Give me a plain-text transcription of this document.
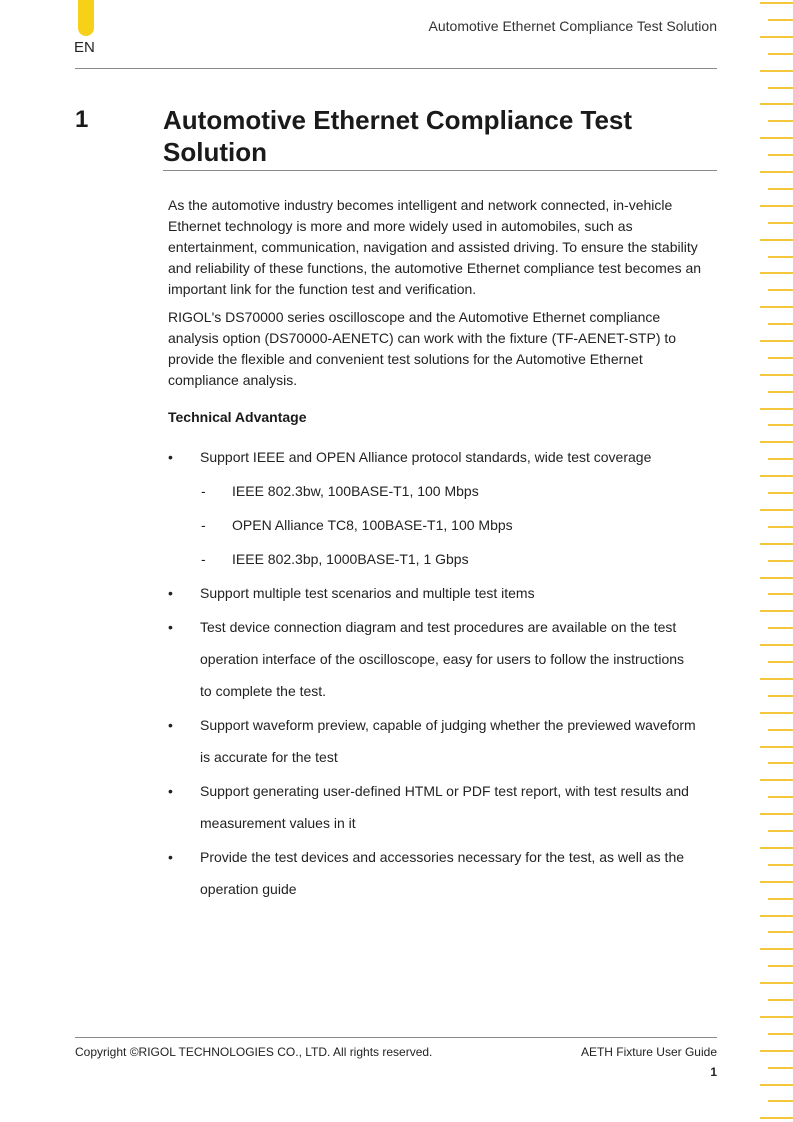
EN
Automotive Ethernet Compliance Test Solution
1	Automotive Ethernet Compliance Test Solution

As the automotive industry becomes intelligent and network connected, in-vehicle Ethernet technology is more and more widely used in automobiles, such as entertainment, communication, navigation and assisted driving. To ensure the stability and reliability of these functions, the automotive Ethernet compliance test becomes an important link for the function test and verification.

RIGOL's DS70000 series oscilloscope and the Automotive Ethernet compliance analysis option (DS70000-AENETC) can work with the fixture (TF-AENET-STP) to provide the flexible and convenient test solutions for the Automotive Ethernet compliance analysis.

Technical Advantage
• Support IEEE and OPEN Alliance protocol standards, wide test coverage
- IEEE 802.3bw, 100BASE-T1, 100 Mbps
- OPEN Alliance TC8, 100BASE-T1, 100 Mbps
- IEEE 802.3bp, 1000BASE-T1, 1 Gbps
• Support multiple test scenarios and multiple test items
• Test device connection diagram and test procedures are available on the test
operation interface of the oscilloscope, easy for users to follow the instructions
to complete the test.
• Support waveform preview, capable of judging whether the previewed waveform
is accurate for the test
• Support generating user-defined HTML or PDF test report, with test results and
measurement values in it
• Provide the test devices and accessories necessary for the test, as well as the
operation guide
Copyright ©RIGOL TECHNOLOGIES CO., LTD. All rights reserved.	AETH Fixture User Guide
1
